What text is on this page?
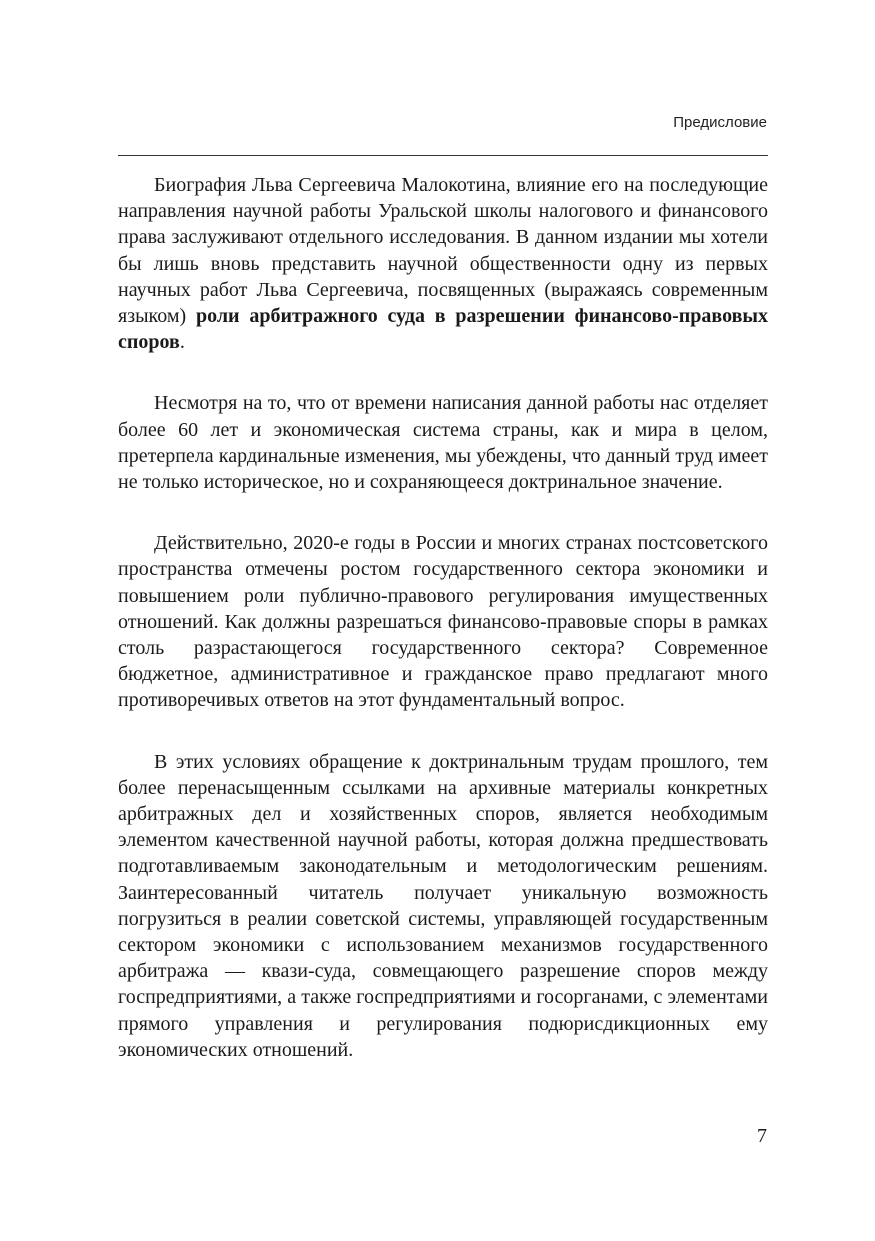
Предисловие

Биография Льва Сергеевича Малокотина, влияние его на последующие направления научной работы Уральской школы налогового и финансового права заслуживают отдельного исследования. В данном издании мы хотели бы лишь вновь представить научной общественности одну из первых научных работ Льва Сергеевича, посвященных (выражаясь современным языком) роли арбитражного суда в разрешении финансово-правовых споров.

Несмотря на то, что от времени написания данной работы нас отделяет более 60 лет и экономическая система страны, как и мира в целом, претерпела кардинальные изменения, мы убеждены, что данный труд имеет не только историческое, но и сохраняющееся доктринальное значение.

Действительно, 2020-е годы в России и многих странах постсоветского пространства отмечены ростом государственного сектора экономики и повышением роли публично-правового регулирования имущественных отношений. Как должны разрешаться финансово-правовые споры в рамках столь разрастающегося государственного сектора? Современное бюджетное, административное и гражданское право предлагают много противоречивых ответов на этот фундаментальный вопрос.

В этих условиях обращение к доктринальным трудам прошлого, тем более перенасыщенным ссылками на архивные материалы конкретных арбитражных дел и хозяйственных споров, является необходимым элементом качественной научной работы, которая должна предшествовать подготавливаемым законодательным и методологическим решениям. Заинтересованный читатель получает уникальную возможность погрузиться в реалии советской системы, управляющей государственным сектором экономики с использованием механизмов государственного арбитража — квази-суда, совмещающего разрешение споров между госпредприятиями, а также госпредприятиями и госорганами, с элементами прямого управления и регулирования подюрисдикционных ему экономических отношений.

7
